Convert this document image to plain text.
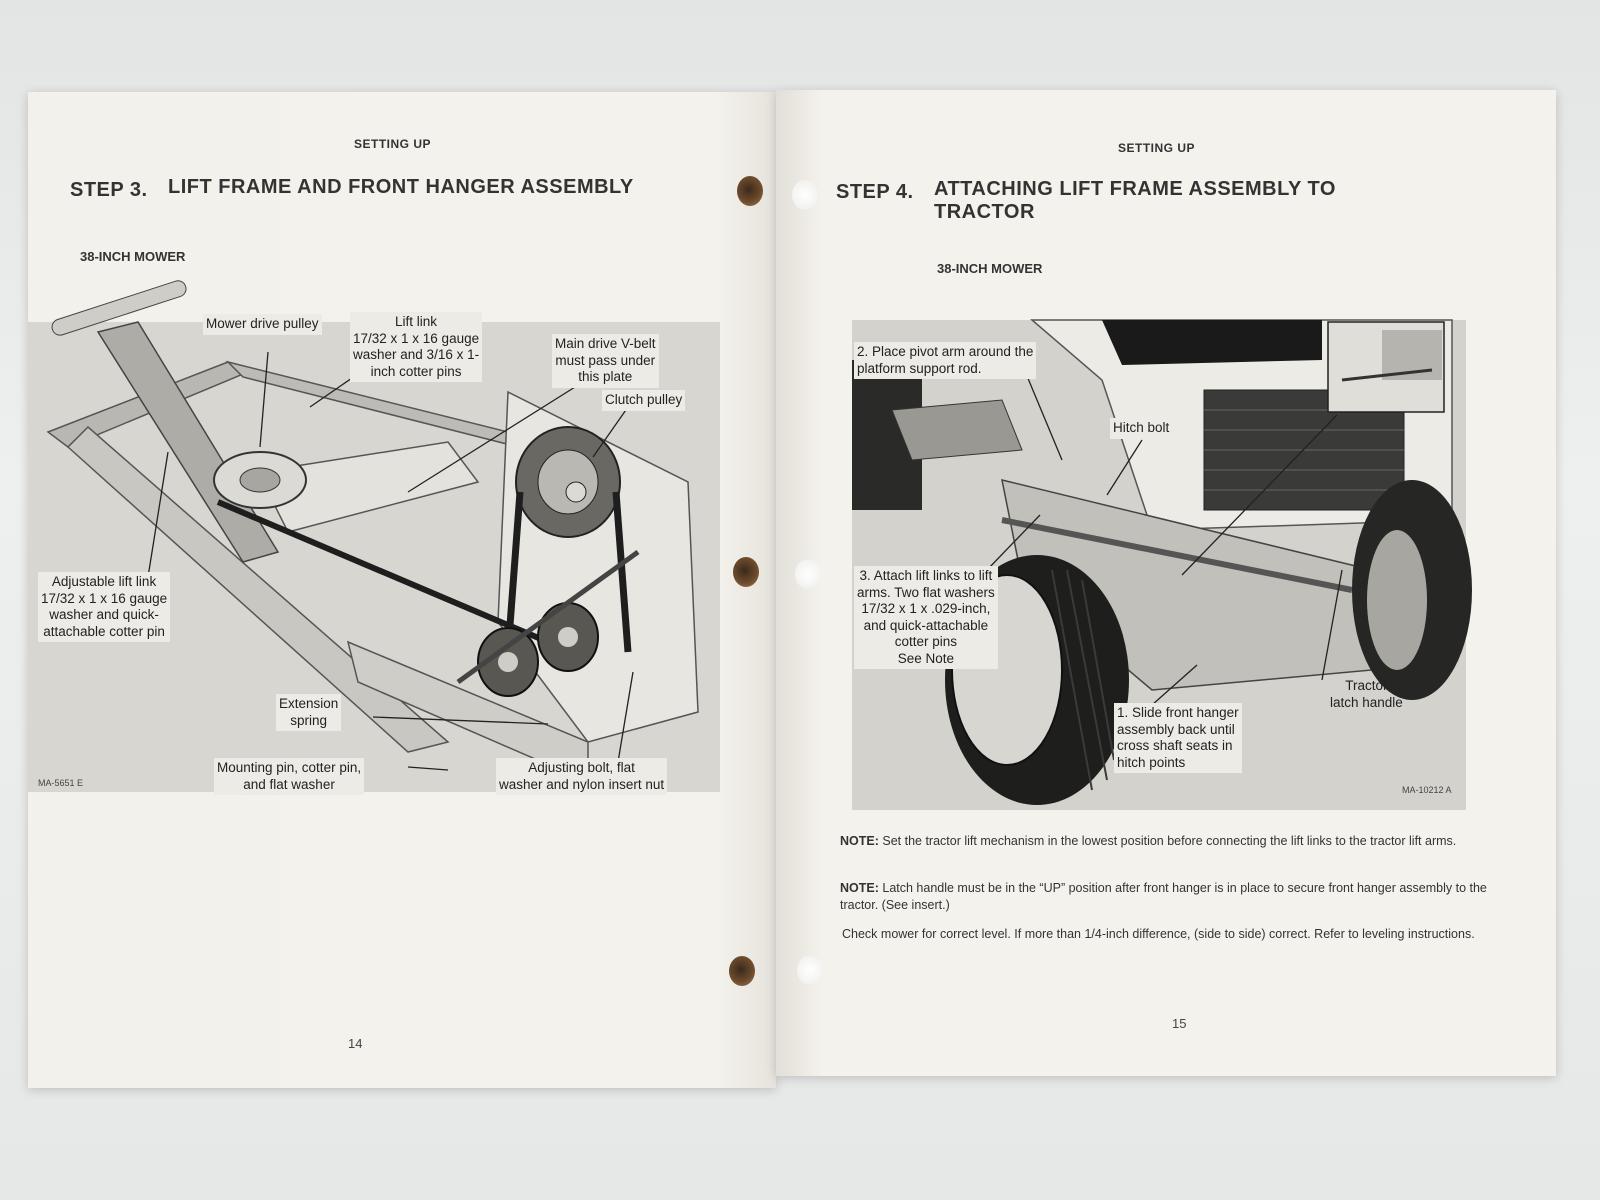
SETTING UP
STEP 3. LIFT FRAME AND FRONT HANGER ASSEMBLY
38-INCH MOWER
Mower drive pulley	Lift link
17/32 x 1 x 16 gauge
washer and 3/16 x 1-
inch cotter pins
Main drive V-belt
must pass under
this plate
Clutch pulley
Adjustable lift link
17/32 x 1 x 16 gauge
washer and quick-
attachable cotter pin
Extension
spring
Mounting pin, cotter pin,
and flat washer
Adjusting bolt, flat
washer and nylon insert nut
MA-5651 E
14
SETTING UP
STEP 4. ATTACHING LIFT FRAME ASSEMBLY TO
TRACTOR
38-INCH MOWER
2. Place pivot arm around the
platform support rod.
Hitch bolt
3. Attach lift links to lift
arms. Two flat washers
17/32 x 1 x .029-inch,
and quick-attachable
cotter pins
See Note
1. Slide front hanger
assembly back until
cross shaft seats in
hitch points
Tractor
latch handle
MA-10212 A
NOTE: Set the tractor lift mechanism in the lowest position before connecting the lift links to the tractor lift arms.
NOTE: Latch handle must be in the “UP” position after front hanger is in place to secure front hanger assembly to the tractor. (See insert.)
Check mower for correct level. If more than 1/4-inch difference, (side to side) correct. Refer to leveling instructions.
15
